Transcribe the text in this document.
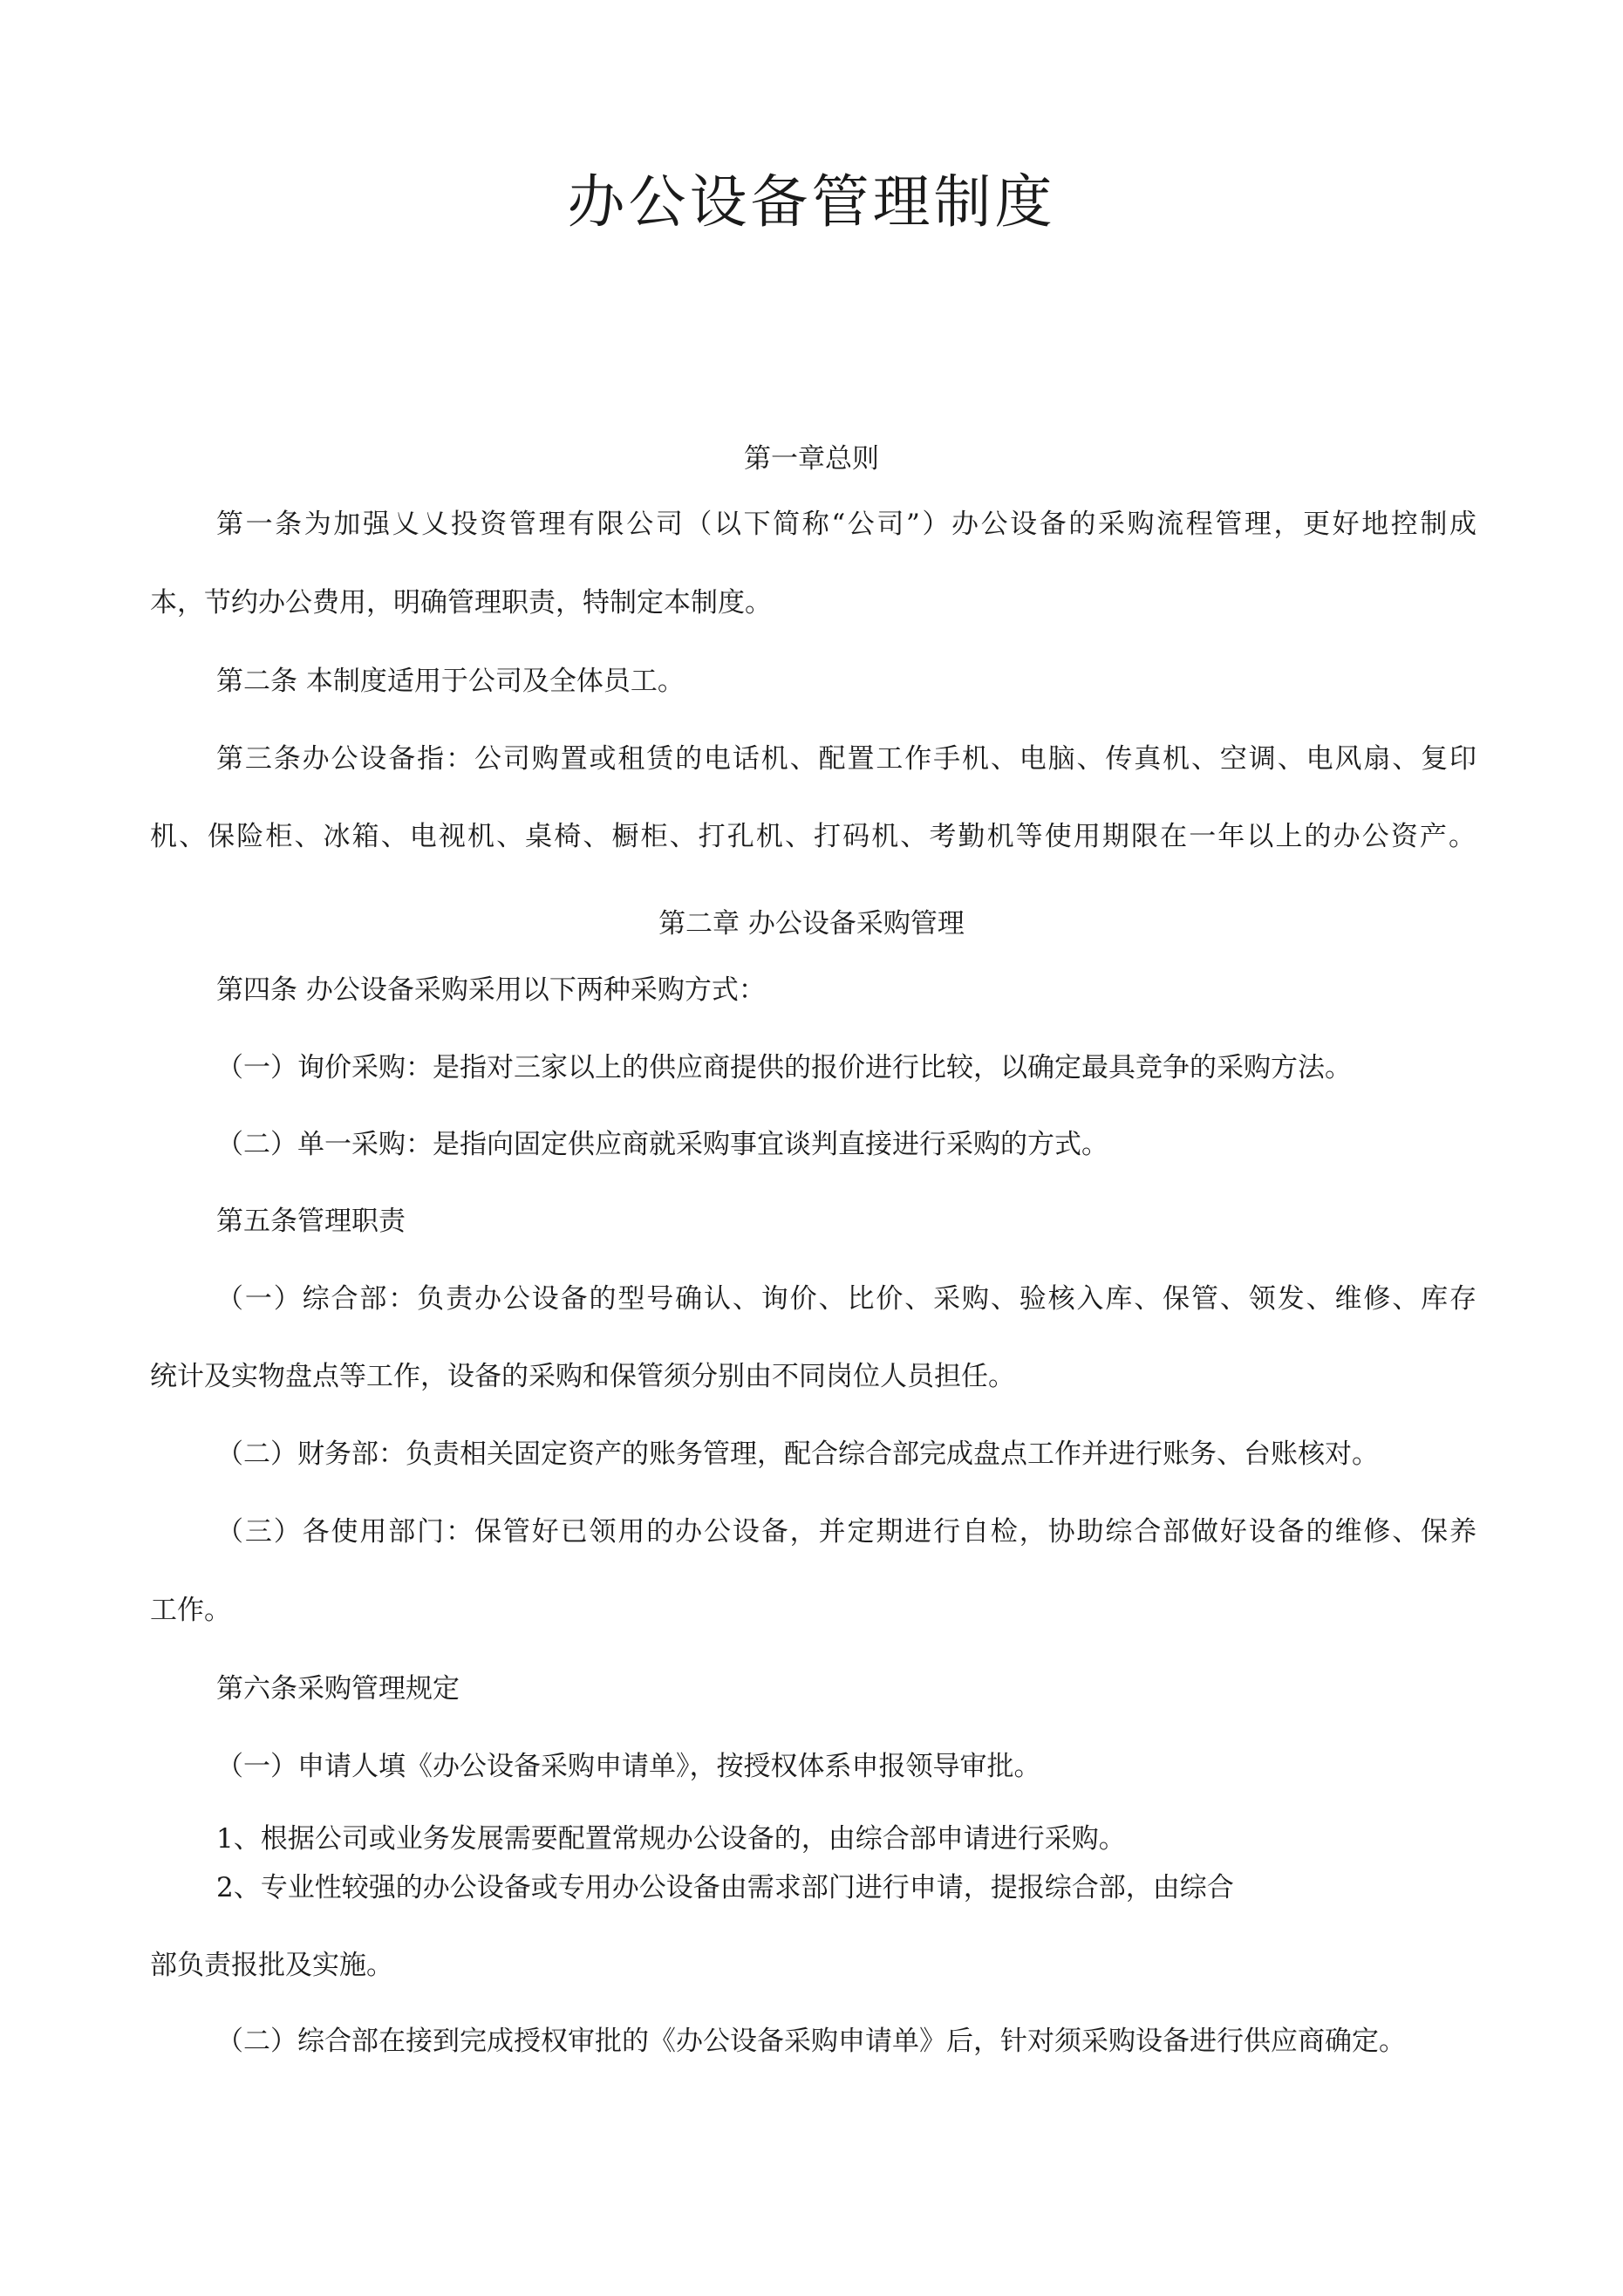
办公设备管理制度
第一章总则

第一条为加强乂乂投资管理有限公司（以下简称“公司”）办公设备的采购流程管理，更好地控制成

本，节约办公费用，明确管理职责，特制定本制度。

第二条 本制度适用于公司及全体员工。

第三条办公设备指：公司购置或租赁的电话机、配置工作手机、电脑、传真机、空调、电风扇、复印

机、保险柜、冰箱、电视机、桌椅、橱柜、打孔机、打码机、考勤机等使用期限在一年以上的办公资产。

第二章 办公设备采购管理

第四条 办公设备采购采用以下两种采购方式：

（一）询价采购：是指对三家以上的供应商提供的报价进行比较，以确定最具竞争的采购方法。

（二）单一采购：是指向固定供应商就采购事宜谈判直接进行采购的方式。

第五条管理职责

（一）综合部：负责办公设备的型号确认、询价、比价、采购、验核入库、保管、领发、维修、库存

统计及实物盘点等工作，设备的采购和保管须分别由不同岗位人员担任。

（二）财务部：负责相关固定资产的账务管理，配合综合部完成盘点工作并进行账务、台账核对。

（三）各使用部门：保管好已领用的办公设备，并定期进行自检，协助综合部做好设备的维修、保养

工作。

第六条采购管理规定

（一）申请人填《办公设备采购申请单》，按授权体系申报领导审批。

1、根据公司或业务发展需要配置常规办公设备的，由综合部申请进行采购。

2、专业性较强的办公设备或专用办公设备由需求部门进行申请，提报综合部，由综合

部负责报批及实施。

（二）综合部在接到完成授权审批的《办公设备采购申请单》后，针对须采购设备进行供应商确定。
